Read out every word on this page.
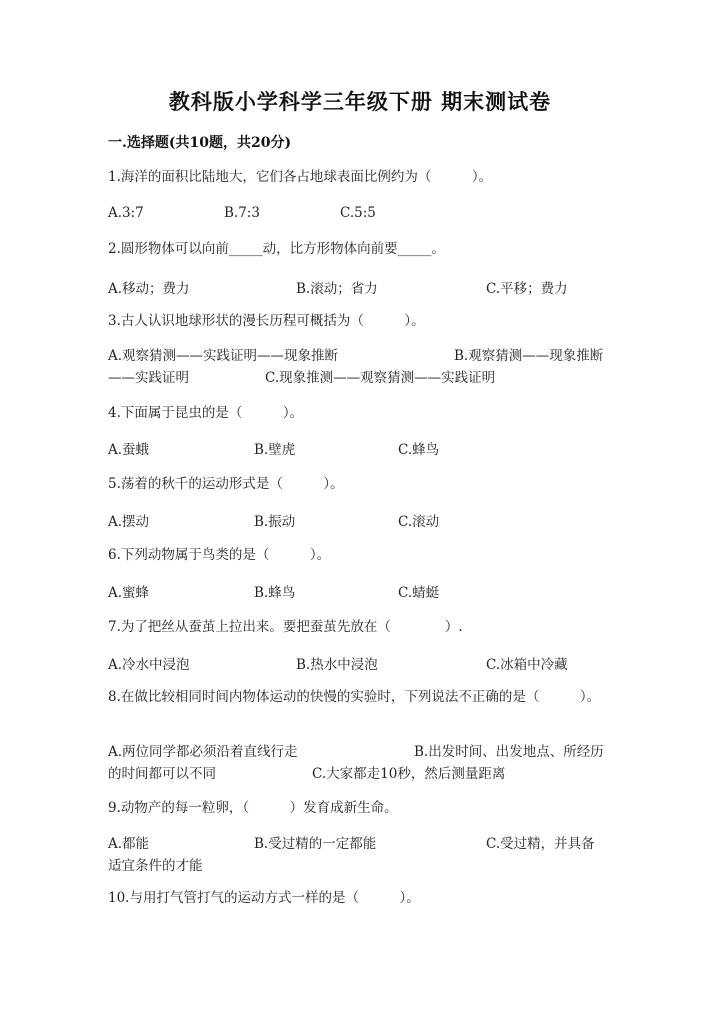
教科版小学科学三年级下册 期末测试卷
一.选择题(共10题，共20分)
1.海洋的面积比陆地大，它们各占地球表面比例约为（　　　）。
A.3:7	B.7:3	C.5:5
2.圆形物体可以向前_____动，比方形物体向前要_____。
A.移动；费力	B.滚动；省力	C.平移；费力
3.古人认识地球形状的漫长历程可概括为（　　　）。
A.观察猜测——实践证明——现象推断	B.观察猜测——现象推断——实践证明	C.现象推测——观察猜测——实践证明
4.下面属于昆虫的是（　　　）。
A.蚕蛾	B.壁虎	C.蜂鸟
5.荡着的秋千的运动形式是（　　　）。
A.摆动	B.振动	C.滚动
6.下列动物属于鸟类的是（　　　）。
A.蜜蜂	B.蜂鸟	C.蜻蜓
7.为了把丝从蚕茧上拉出来。要把蚕茧先放在（　　　　）.
A.冷水中浸泡	B.热水中浸泡	C.冰箱中冷藏
8.在做比较相同时间内物体运动的快慢的实验时，下列说法不正确的是（　　　）。
A.两位同学都必须沿着直线行走	B.出发时间、出发地点、所经历的时间都可以不同	C.大家都走10秒，然后测量距离
9.动物产的每一粒卵，（　　　）发育成新生命。
A.都能	B.受过精的一定都能	C.受过精，并具备适宜条件的才能
10.与用打气管打气的运动方式一样的是（　　　）。
